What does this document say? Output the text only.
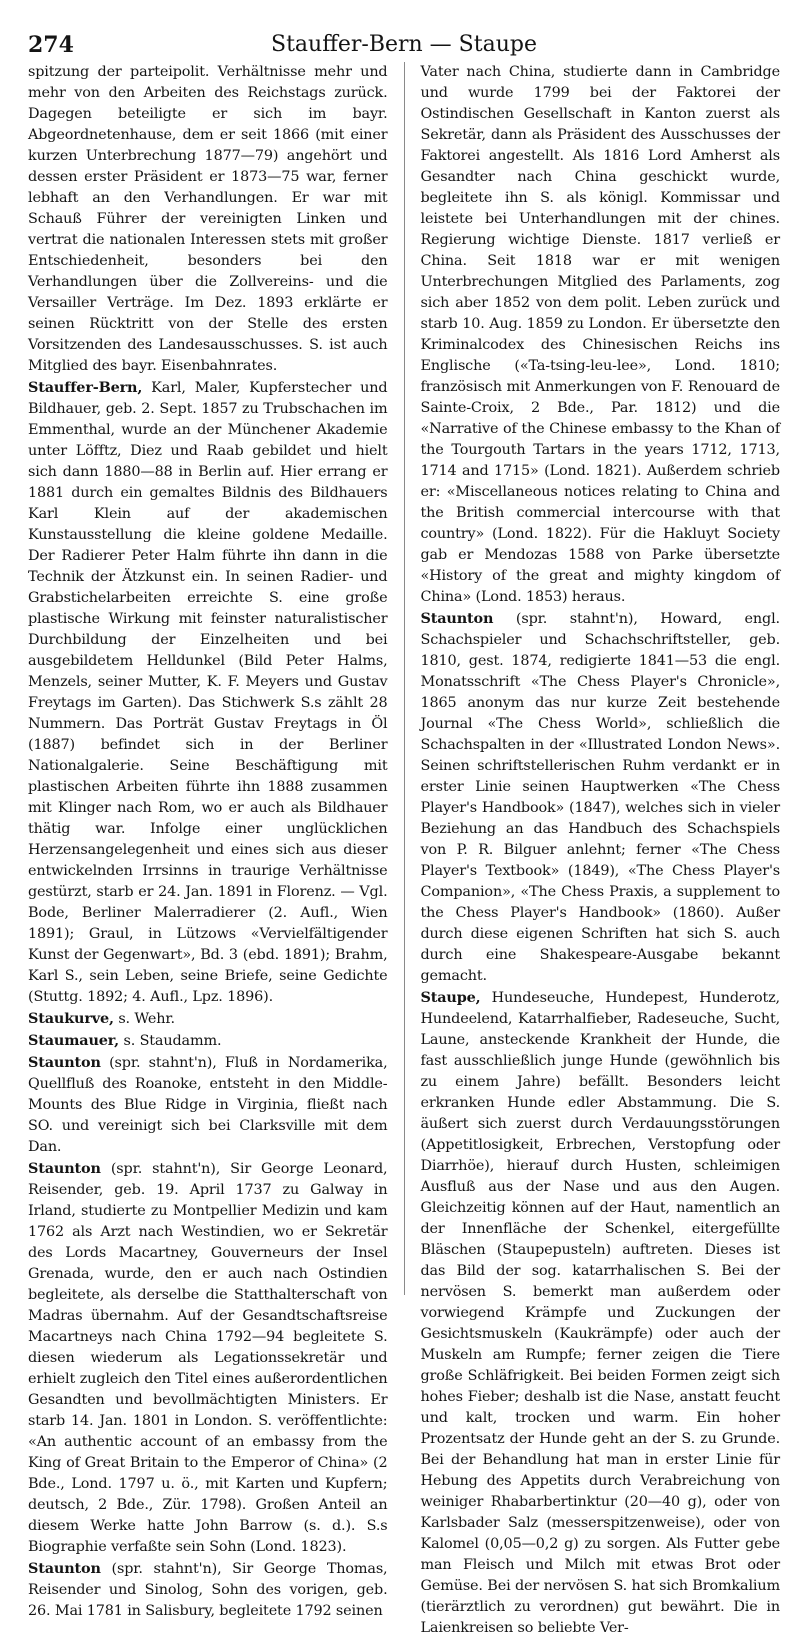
274	Stauffer-Bern — Staupe

spitzung der parteipolit. Verhältnisse mehr und mehr von den Arbeiten des Reichstags zurück. Dagegen beteiligte er sich im bayr. Abgeordnetenhause, dem er seit 1866 (mit einer kurzen Unterbrechung 1877—79) angehört und dessen erster Präsident er 1873—75 war, ferner lebhaft an den Verhandlungen. Er war mit Schauß Führer der vereinigten Linken und vertrat die nationalen Interessen stets mit großer Entschiedenheit, besonders bei den Verhandlungen über die Zollvereins- und die Versailler Verträge. Im Dez. 1893 erklärte er seinen Rücktritt von der Stelle des ersten Vorsitzenden des Landesausschusses. S. ist auch Mitglied des bayr. Eisenbahnrates.

Stauffer-Bern, Karl, Maler, Kupferstecher und Bildhauer, geb. 2. Sept. 1857 zu Trubschachen im Emmenthal, wurde an der Münchener Akademie unter Löfftz, Diez und Raab gebildet und hielt sich dann 1880—88 in Berlin auf. Hier errang er 1881 durch ein gemaltes Bildnis des Bildhauers Karl Klein auf der akademischen Kunstausstellung die kleine goldene Medaille. Der Radierer Peter Halm führte ihn dann in die Technik der Ätzkunst ein. In seinen Radier- und Grabstichelarbeiten erreichte S. eine große plastische Wirkung mit feinster naturalistischer Durchbildung der Einzelheiten und bei ausgebildetem Helldunkel (Bild Peter Halms, Menzels, seiner Mutter, K. F. Meyers und Gustav Freytags im Garten). Das Stichwerk S.s zählt 28 Nummern. Das Porträt Gustav Freytags in Öl (1887) befindet sich in der Berliner Nationalgalerie. Seine Beschäftigung mit plastischen Arbeiten führte ihn 1888 zusammen mit Klinger nach Rom, wo er auch als Bildhauer thätig war. Infolge einer unglücklichen Herzensangelegenheit und eines sich aus dieser entwickelnden Irrsinns in traurige Verhältnisse gestürzt, starb er 24. Jan. 1891 in Florenz. — Vgl. Bode, Berliner Malerradierer (2. Aufl., Wien 1891); Graul, in Lützows «Vervielfältigender Kunst der Gegenwart», Bd. 3 (ebd. 1891); Brahm, Karl S., sein Leben, seine Briefe, seine Gedichte (Stuttg. 1892; 4. Aufl., Lpz. 1896).

Staukurve, s. Wehr.

Staumauer, s. Staudamm.

Staunton (spr. stahnt'n), Fluß in Nordamerika, Quellfluß des Roanoke, entsteht in den Middle-Mounts des Blue Ridge in Virginia, fließt nach SO. und vereinigt sich bei Clarksville mit dem Dan.

Staunton (spr. stahnt'n), Sir George Leonard, Reisender, geb. 19. April 1737 zu Galway in Irland, studierte zu Montpellier Medizin und kam 1762 als Arzt nach Westindien, wo er Sekretär des Lords Macartney, Gouverneurs der Insel Grenada, wurde, den er auch nach Ostindien begleitete, als derselbe die Statthalterschaft von Madras übernahm. Auf der Gesandtschaftsreise Macartneys nach China 1792—94 begleitete S. diesen wiederum als Legationssekretär und erhielt zugleich den Titel eines außerordentlichen Gesandten und bevollmächtigten Ministers. Er starb 14. Jan. 1801 in London. S. veröffentlichte: «An authentic account of an embassy from the King of Great Britain to the Emperor of China» (2 Bde., Lond. 1797 u. ö., mit Karten und Kupfern; deutsch, 2 Bde., Zür. 1798). Großen Anteil an diesem Werke hatte John Barrow (s. d.). S.s Biographie verfaßte sein Sohn (Lond. 1823).

Staunton (spr. stahnt'n), Sir George Thomas, Reisender und Sinolog, Sohn des vorigen, geb. 26. Mai 1781 in Salisbury, begleitete 1792 seinen

Vater nach China, studierte dann in Cambridge und wurde 1799 bei der Faktorei der Ostindischen Gesellschaft in Kanton zuerst als Sekretär, dann als Präsident des Ausschusses der Faktorei angestellt. Als 1816 Lord Amherst als Gesandter nach China geschickt wurde, begleitete ihn S. als königl. Kommissar und leistete bei Unterhandlungen mit der chines. Regierung wichtige Dienste. 1817 verließ er China. Seit 1818 war er mit wenigen Unterbrechungen Mitglied des Parlaments, zog sich aber 1852 von dem polit. Leben zurück und starb 10. Aug. 1859 zu London. Er übersetzte den Kriminalcodex des Chinesischen Reichs ins Englische («Ta-tsing-leu-lee», Lond. 1810; französisch mit Anmerkungen von F. Renouard de Sainte-Croix, 2 Bde., Par. 1812) und die «Narrative of the Chinese embassy to the Khan of the Tourgouth Tartars in the years 1712, 1713, 1714 and 1715» (Lond. 1821). Außerdem schrieb er: «Miscellaneous notices relating to China and the British commercial intercourse with that country» (Lond. 1822). Für die Hakluyt Society gab er Mendozas 1588 von Parke übersetzte «History of the great and mighty kingdom of China» (Lond. 1853) heraus.

Staunton (spr. stahnt'n), Howard, engl. Schachspieler und Schachschriftsteller, geb. 1810, gest. 1874, redigierte 1841—53 die engl. Monatsschrift «The Chess Player's Chronicle», 1865 anonym das nur kurze Zeit bestehende Journal «The Chess World», schließlich die Schachspalten in der «Illustrated London News». Seinen schriftstellerischen Ruhm verdankt er in erster Linie seinen Hauptwerken «The Chess Player's Handbook» (1847), welches sich in vieler Beziehung an das Handbuch des Schachspiels von P. R. Bilguer anlehnt; ferner «The Chess Player's Textbook» (1849), «The Chess Player's Companion», «The Chess Praxis, a supplement to the Chess Player's Handbook» (1860). Außer durch diese eigenen Schriften hat sich S. auch durch eine Shakespeare-Ausgabe bekannt gemacht.

Staupe, Hundeseuche, Hundepest, Hunderotz, Hundeelend, Katarrhalfieber, Radeseuche, Sucht, Laune, ansteckende Krankheit der Hunde, die fast ausschließlich junge Hunde (gewöhnlich bis zu einem Jahre) befällt. Besonders leicht erkranken Hunde edler Abstammung. Die S. äußert sich zuerst durch Verdauungsstörungen (Appetitlosigkeit, Erbrechen, Verstopfung oder Diarrhöe), hierauf durch Husten, schleimigen Ausfluß aus der Nase und aus den Augen. Gleichzeitig können auf der Haut, namentlich an der Innenfläche der Schenkel, eitergefüllte Bläschen (Staupepusteln) auftreten. Dieses ist das Bild der sog. katarrhalischen S. Bei der nervösen S. bemerkt man außerdem oder vorwiegend Krämpfe und Zuckungen der Gesichtsmuskeln (Kaukrämpfe) oder auch der Muskeln am Rumpfe; ferner zeigen die Tiere große Schläfrigkeit. Bei beiden Formen zeigt sich hohes Fieber; deshalb ist die Nase, anstatt feucht und kalt, trocken und warm. Ein hoher Prozentsatz der Hunde geht an der S. zu Grunde. Bei der Behandlung hat man in erster Linie für Hebung des Appetits durch Verabreichung von weiniger Rhabarbertinktur (20—40 g), oder von Karlsbader Salz (messerspitzenweise), oder von Kalomel (0,05—0,2 g) zu sorgen. Als Futter gebe man Fleisch und Milch mit etwas Brot oder Gemüse. Bei der nervösen S. hat sich Bromkalium (tierärztlich zu verordnen) gut bewährt. Die in Laienkreisen so beliebte Ver-
